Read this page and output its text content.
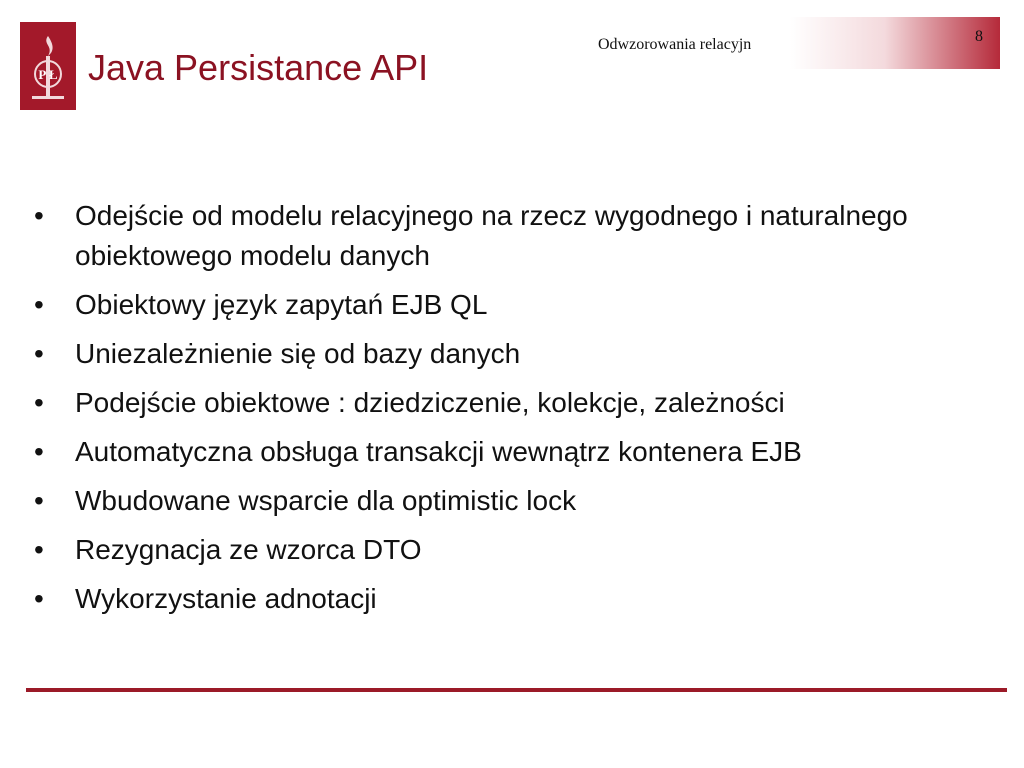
P Ł
Odwzorowania relacyjn	8
Java Persistance API
• Odejście od modelu relacyjnego na rzecz wygodnego i naturalnego obiektowego modelu danych
• Obiektowy język zapytań EJB QL
• Uniezależnienie się od bazy danych
• Podejście obiektowe : dziedziczenie, kolekcje, zależności
• Automatyczna obsługa transakcji wewnątrz kontenera EJB
• Wbudowane wsparcie dla optimistic lock
• Rezygnacja ze wzorca DTO
• Wykorzystanie adnotacji
